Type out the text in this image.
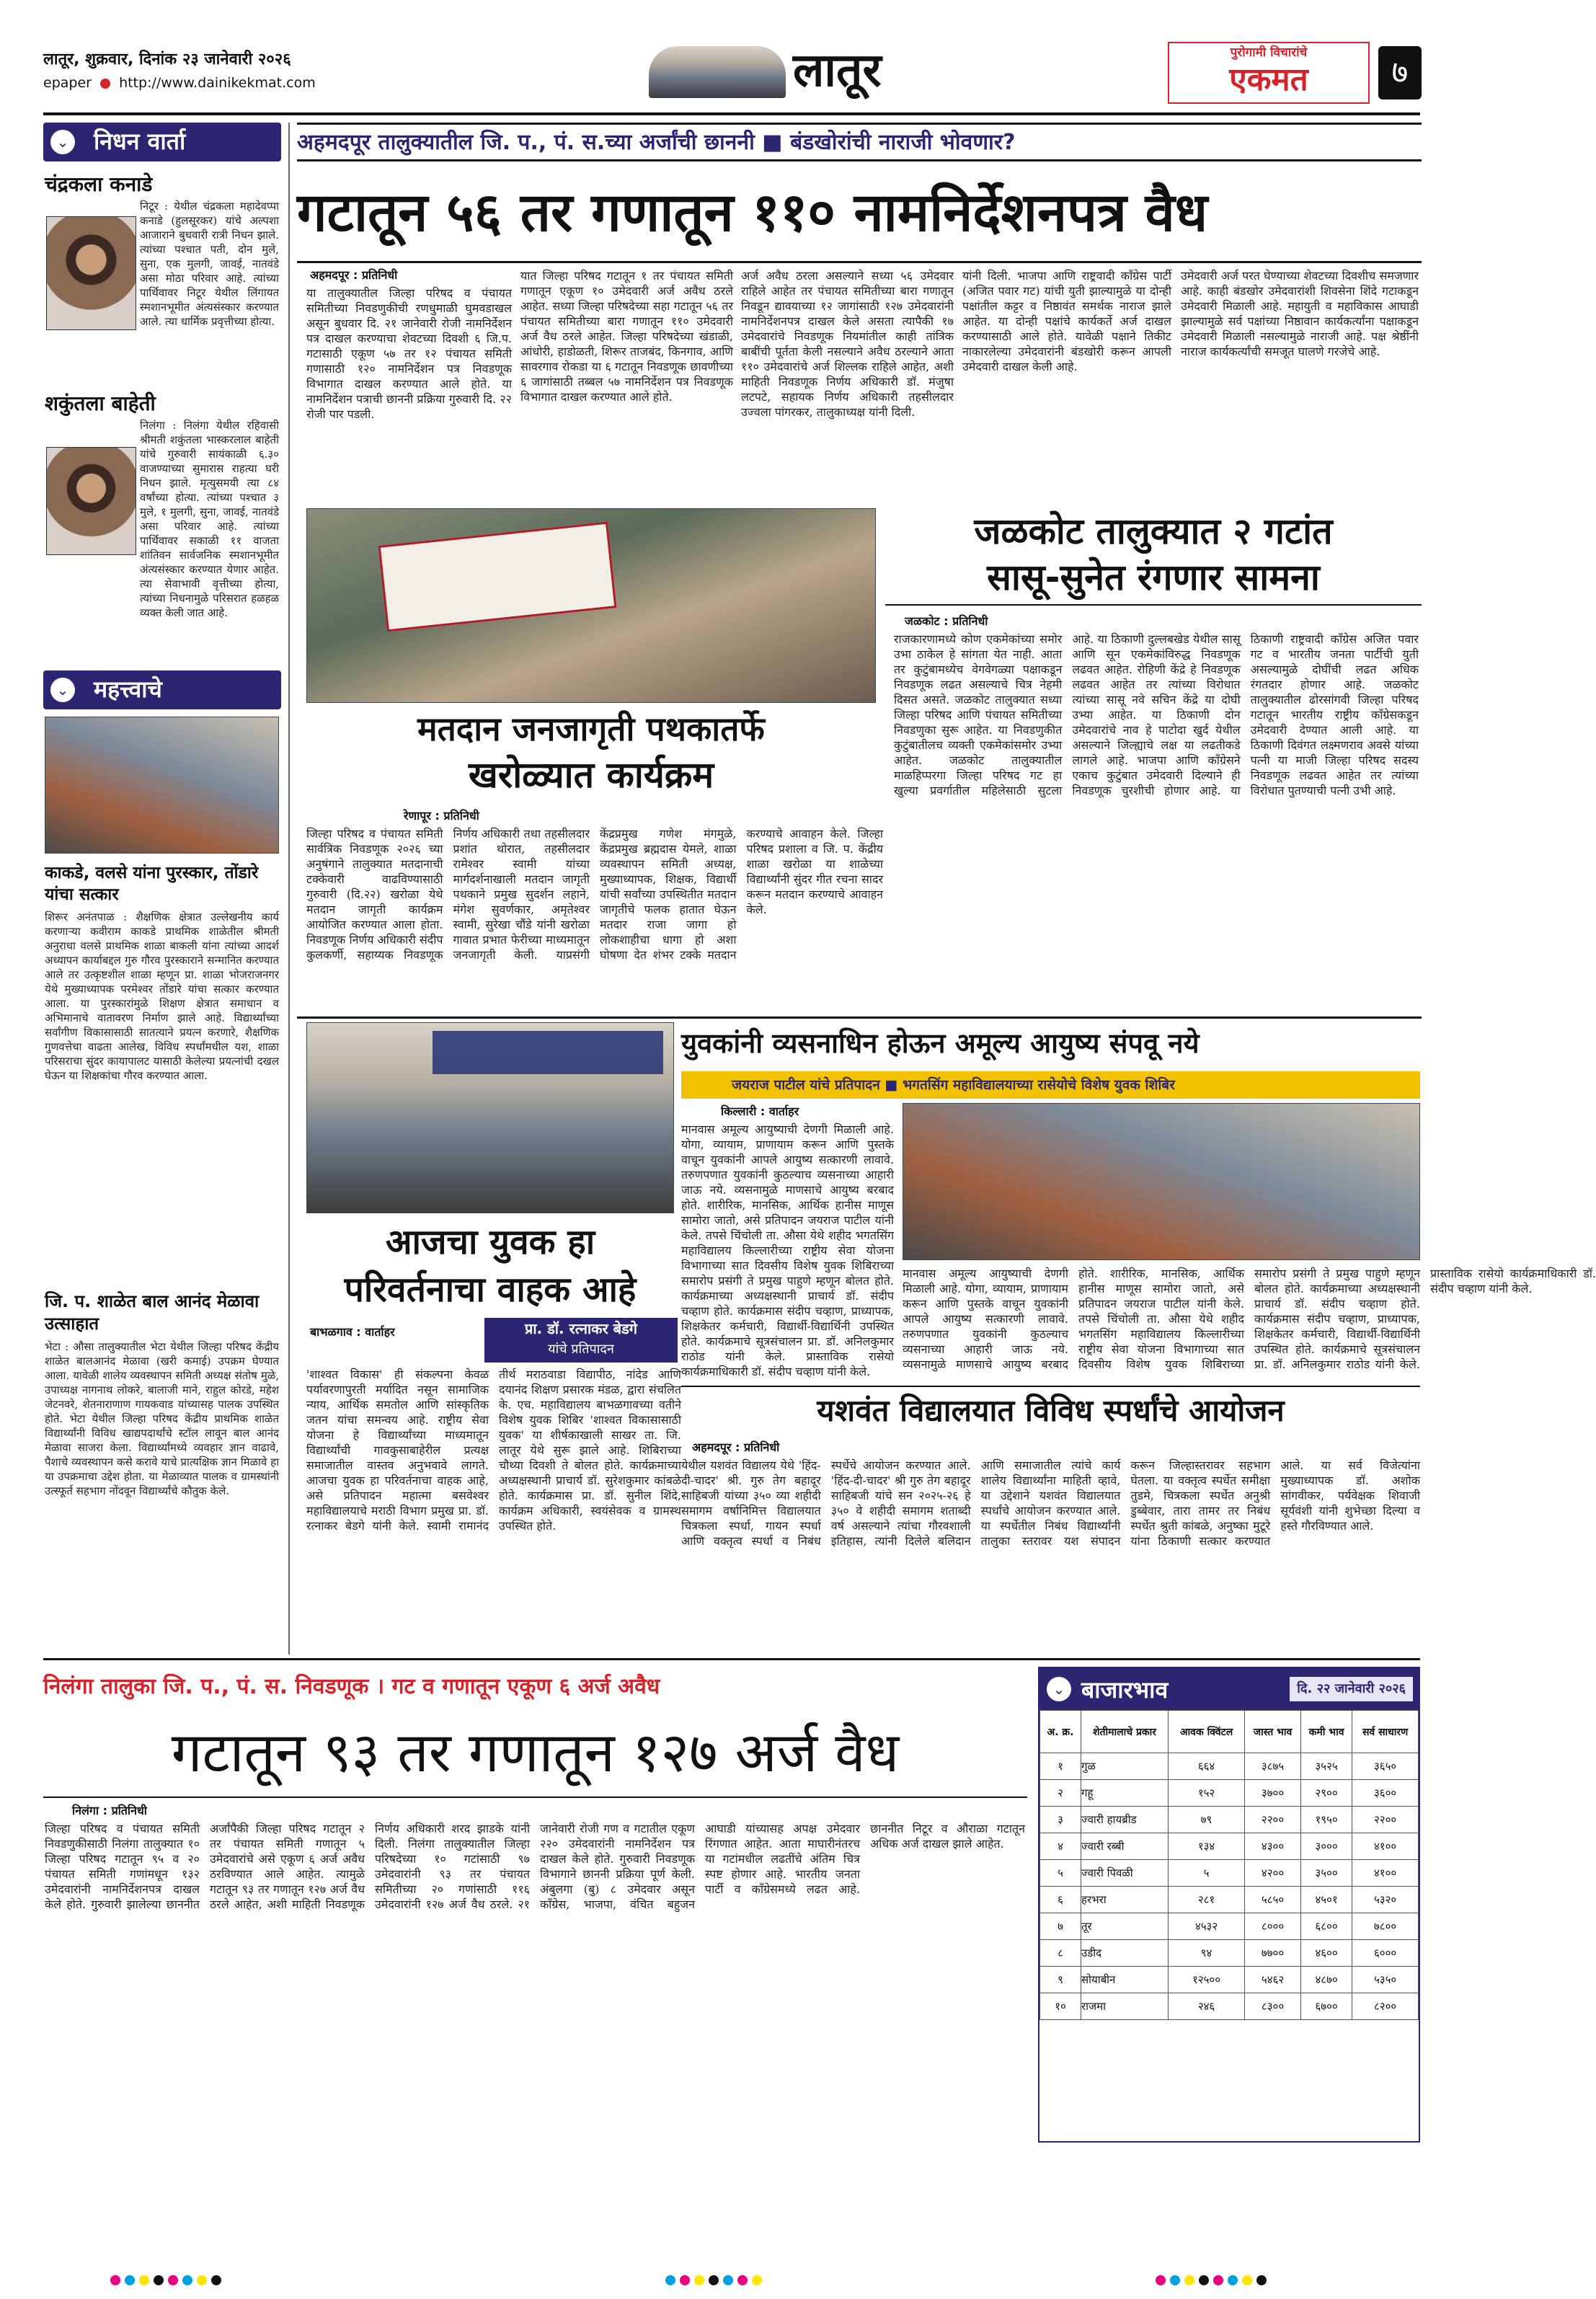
लातूर, शुक्रवार, दिनांक २३ जानेवारी २०२६
epaper http://www.dainikekmat.com	लातूर	पुरोगामी विचारांचे
एकमत	७
⌄ निधन वार्ता
चंद्रकला कनाडे
निटूर : येथील चंद्रकला महादेवप्पा कनाडे (हुलसूरकर) यांचे अल्पशा आजाराने बुधवारी रात्री निधन झाले. त्यांच्या पश्चात पती, दोन मुले, सुना, एक मुलगी, जावई, नातवंडे असा मोठा परिवार आहे. त्यांच्या पार्थिवावर निटूर येथील लिंगायत स्मशानभूमीत अंत्यसंस्कार करण्यात आले. त्या धार्मिक प्रवृत्तीच्या होत्या.
शकुंतला बाहेती
निलंगा : निलंगा येथील रहिवासी श्रीमती शकुंतला भास्करलाल बाहेती यांचे गुरुवारी सायंकाळी ६.३० वाजण्याच्या सुमारास राहत्या घरी निधन झाले. मृत्युसमयी त्या ८४ वर्षांच्या होत्या. त्यांच्या पश्चात ३ मुले, १ मुलगी, सुना, जावई, नातवंडे असा परिवार आहे. त्यांच्या पार्थिवावर सकाळी ११ वाजता शांतिवन सार्वजनिक स्मशानभूमीत अंत्यसंस्कार करण्यात येणार आहेत. त्या सेवाभावी वृत्तीच्या होत्या, त्यांच्या निधनामुळे परिसरात हळहळ व्यक्त केली जात आहे.
⌄ महत्त्वाचे
काकडे, वलसे यांना पुरस्कार, तोंडारे यांचा सत्कार
शिरूर अनंतपाळ : शैक्षणिक क्षेत्रात उल्लेखनीय कार्य करणाऱ्या कवीराम काकडे प्राथमिक शाळेतील श्रीमती अनुराधा वलसे प्राथमिक शाळा बाकली यांना त्यांच्या आदर्श अध्यापन कार्याबद्दल गुरु गौरव पुरस्काराने सन्मानित करण्यात आले तर उत्कृष्टशील शाळा म्हणून प्रा. शाळा भोजराजनगर येथे मुख्याध्यापक परमेश्वर तोंडारे यांचा सत्कार करण्यात आला. या पुरस्कारांमुळे शिक्षण क्षेत्रात समाधान व अभिमानाचे वातावरण निर्माण झाले आहे. विद्यार्थ्यांच्या सर्वांगीण विकासासाठी सातत्याने प्रयत्न करणारे, शैक्षणिक गुणवत्तेचा वाढता आलेख, विविध स्पर्धांमधील यश, शाळा परिसराचा सुंदर कायापालट यासाठी केलेल्या प्रयत्नांची दखल घेऊन या शिक्षकांचा गौरव करण्यात आला.
जि. प. शाळेत बाल आनंद मेळावा उत्साहात
भेटा : औसा तालुक्यातील भेटा येथील जिल्हा परिषद केंद्रीय शाळेत बालआनंद मेळावा (खरी कमाई) उपक्रम घेण्यात आला. यावेळी शालेय व्यवस्थापन समिती अध्यक्ष संतोष मुळे, उपाध्यक्ष नागनाथ लोकरे, बालाजी माने, राहुल कोरडे, महेश जेटनवरे, शेतनाराणाण गायकवाड यांच्यासह पालक उपस्थित होते. भेटा येथील जिल्हा परिषद केंद्रीय प्राथमिक शाळेत विद्यार्थ्यांनी विविध खाद्यपदार्थांचे स्टॉल लावून बाल आनंद मेळावा साजरा केला. विद्यार्थ्यांमध्ये व्यवहार ज्ञान वाढावे, पैशाचे व्यवस्थापन कसे करावे याचे प्रात्यक्षिक ज्ञान मिळावे हा या उपक्रमाचा उद्देश होता. या मेळाव्यात पालक व ग्रामस्थांनी उत्स्फूर्त सहभाग नोंदवून विद्यार्थ्यांचे कौतुक केले.
अहमदपूर तालुक्यातील जि. प., पं. स.च्या अर्जांची छाननी ■ बंडखोरांची नाराजी भोवणार?
गटातून ५६ तर गणातून ११० नामनिर्देशनपत्र वैध
अहमदपूर : प्रतिनिधी
या तालुक्यातील जिल्हा परिषद व पंचायत समितीच्या निवडणुकीची रणधुमाळी घुमवडाखल असून बुधवार दि. २१ जानेवारी रोजी नामनिर्देशन पत्र दाखल करण्याचा शेवटच्या दिवशी ६ जि.प. गटासाठी एकूण ५७ तर १२ पंचायत समिती गणासाठी १२० नामनिर्देशन पत्र निवडणूक विभागात दाखल करण्यात आले होते. या नामनिर्देशन पत्राची छाननी प्रक्रिया गुरुवारी दि. २२ रोजी पार पडली.
यात जिल्हा परिषद गटातून १ तर पंचायत समिती गणातून एकूण १० उमेदवारी अर्ज अवैध ठरले आहेत. सध्या जिल्हा परिषदेच्या सहा गटातून ५६ तर पंचायत समितीच्या बारा गणातून ११० उमेदवारी अर्ज वैध ठरले आहेत. जिल्हा परिषदेच्या खंडाळी, आंधोरी, हाडोळती, शिरूर ताजबंद, किनगाव, आणि सावरगाव रोकडा या ६ गटातून निवडणूक छावणीच्या ६ जागांसाठी तब्बल ५७ नामनिर्देशन पत्र निवडणूक विभागात दाखल करण्यात आले होते.
अर्ज अवैध ठरला असल्याने सध्या ५६ उमेदवार राहिले आहेत तर पंचायत समितीच्या बारा गणातून निवडून द्यावयाच्या १२ जागांसाठी १२७ उमेदवारांनी नामनिर्देशनपत्र दाखल केले असता त्यापैकी १७ उमेदवारांचे निवडणूक नियमांतील काही तांत्रिक बाबींची पूर्तता केली नसल्याने अवैध ठरल्याने आता ११० उमेदवारांचे अर्ज शिल्लक राहिले आहेत, अशी माहिती निवडणूक निर्णय अधिकारी डॉ. मंजुषा लटपटे, सहायक निर्णय अधिकारी तहसीलदार उज्वला पांगरकर, तालुकाध्यक्ष यांनी दिली.
यांनी दिली. भाजपा आणि राष्ट्रवादी काँग्रेस पार्टी (अजित पवार गट) यांची युती झाल्यामुळे या दोन्ही पक्षांतील कट्टर व निष्ठावंत समर्थक नाराज झाले आहेत. या दोन्ही पक्षांचे कार्यकर्ते अर्ज दाखल करण्यासाठी आले होते. यावेळी पक्षाने तिकीट नाकारलेल्या उमेदवारांनी बंडखोरी करून आपली उमेदवारी दाखल केली आहे.
उमेदवारी अर्ज परत घेण्याच्या शेवटच्या दिवशीच समजणार आहे. काही बंडखोर उमेदवारांशी शिवसेना शिंदे गटाकडून उमेदवारी मिळाली आहे. महायुती व महाविकास आघाडी झाल्यामुळे सर्व पक्षांच्या निष्ठावान कार्यकर्त्यांना पक्षाकडून उमेदवारी मिळाली नसल्यामुळे नाराजी आहे. पक्ष श्रेष्ठींनी नाराज कार्यकर्त्यांची समजूत घालणे गरजेचे आहे.
जळकोट तालुक्यात २ गटांत
सासू-सुनेत रंगणार सामना
जळकोट : प्रतिनिधी
राजकारणामध्ये कोण एकमेकांच्या समोर उभा ठाकेल हे सांगता येत नाही. आता तर कुटुंबामध्येच वेगवेगळ्या पक्षाकडून निवडणूक लढत असल्याचे चित्र नेहमी दिसत असते. जळकोट तालुक्यात सध्या जिल्हा परिषद आणि पंचायत समितीच्या निवडणुका सुरू आहेत. या निवडणुकीत कुटुंबातीलच व्यक्ती एकमेकांसमोर उभ्या आहेत. जळकोट तालुक्यातील माळहिप्परगा जिल्हा परिषद गट हा खुल्या प्रवर्गातील महिलेसाठी सुटला आहे. या ठिकाणी दुल्लबखेड येथील सासू आणि सून एकमेकांविरुद्ध निवडणूक लढवत आहेत. रोहिणी केंद्रे हे निवडणूक लढवत आहेत तर त्यांच्या विरोधात त्यांच्या सासू नवे सचिन केंद्रे या दोघी उभ्या आहेत. या ठिकाणी दोन उमेदवारांचे नाव हे पाटोदा खुर्द येथील असल्याने जिल्ह्याचे लक्ष या लढतीकडे लागले आहे. भाजपा आणि काँग्रेसने एकाच कुटुंबात उमेदवारी दिल्याने ही निवडणूक चुरशीची होणार आहे. या ठिकाणी राष्ट्रवादी काँग्रेस अजित पवार गट व भारतीय जनता पार्टीची युती असल्यामुळे दोघींची लढत अधिक रंगतदार होणार आहे. जळकोट तालुक्यातील ढोरसांगवी जिल्हा परिषद गटातून भारतीय राष्ट्रीय काँग्रेसकडून उमेदवारी देण्यात आली आहे. या ठिकाणी दिवंगत लक्ष्मणराव अवसे यांच्या पत्नी या माजी जिल्हा परिषद सदस्य निवडणूक लढवत आहेत तर त्यांच्या विरोधात पुतण्याची पत्नी उभी आहे.
मतदान जनजागृती पथकातर्फे
खरोळ्यात कार्यक्रम
रेणापूर : प्रतिनिधी
जिल्हा परिषद व पंचायत समिती सार्वत्रिक निवडणूक २०२६ च्या अनुषंगाने तालुक्यात मतदानाची टक्केवारी वाढविण्यासाठी गुरुवारी (दि.२२) खरोळा येथे मतदान जागृती कार्यक्रम आयोजित करण्यात आला होता. निवडणूक निर्णय अधिकारी संदीप कुलकर्णी, सहाय्यक निवडणूक निर्णय अधिकारी तथा तहसीलदार प्रशांत थोरात, तहसीलदार रामेश्वर स्वामी यांच्या मार्गदर्शनाखाली मतदान जागृती पथकाने प्रमुख सुदर्शन लहाने, मंगेश सुवर्णकार, अमृतेश्वर स्वामी, सुरेखा चौंडे यांनी खरोळा गावात प्रभात फेरीच्या माध्यमातून जनजागृती केली. याप्रसंगी केंद्रप्रमुख गणेश मंगमुळे, केंद्रप्रमुख ब्रह्मदास येमले, शाळा व्यवस्थापन समिती अध्यक्ष, मुख्याध्यापक, शिक्षक, विद्यार्थी यांची सर्वांच्या उपस्थितीत मतदान जागृतीचे फलक हातात घेऊन मतदार राजा जागा हो लोकशाहीचा धागा हो अशा घोषणा देत शंभर टक्के मतदान करण्याचे आवाहन केले. जिल्हा परिषद प्रशाला व जि. प. केंद्रीय शाळा खरोळा या शाळेच्या विद्यार्थ्यांनी सुंदर गीत रचना सादर करून मतदान करण्याचे आवाहन केले.
आजचा युवक हा
परिवर्तनाचा वाहक आहे
बाभळगाव : वार्ताहर	प्रा. डॉ. रत्नाकर बेडगे
यांचे प्रतिपादन
'शाश्वत विकास' ही संकल्पना केवळ पर्यावरणापुरती मर्यादित नसून सामाजिक न्याय, आर्थिक समतोल आणि सांस्कृतिक जतन यांचा समन्वय आहे. राष्ट्रीय सेवा योजना हे विद्यार्थ्यांच्या माध्यमातून विद्यार्थ्यांची गावकुसाबाहेरील प्रत्यक्ष समाजातील वास्तव अनुभवावे लागते. आजचा युवक हा परिवर्तनाचा वाहक आहे, असे प्रतिपादन महात्मा बसवेश्वर महाविद्यालयाचे मराठी विभाग प्रमुख प्रा. डॉ. रत्नाकर बेडगे यांनी केले. स्वामी रामानंद तीर्थ मराठवाडा विद्यापीठ, नांदेड आणि दयानंद शिक्षण प्रसारक मंडळ, द्वारा संचलित के. एच. महाविद्यालय बाभळगावच्या वतीने विशेष युवक शिबिर 'शाश्वत विकासासाठी युवक' या शीर्षकाखाली साखर ता. जि. लातूर येथे सुरू झाले आहे. शिबिराच्या चौथ्या दिवशी ते बोलत होते. कार्यक्रमाच्या अध्यक्षस्थानी प्राचार्य डॉ. सुरेशकुमार कांबळे होते. कार्यक्रमास प्रा. डॉ. सुनील शिंदे, कार्यक्रम अधिकारी, स्वयंसेवक व ग्रामस्थ उपस्थित होते.
युवकांनी व्यसनाधिन होऊन अमूल्य आयुष्य संपवू नये
जयराज पाटील यांचे प्रतिपादन ■ भगतसिंग महाविद्यालयाच्या रासेयोचे विशेष युवक शिबिर
किल्लारी : वार्ताहर
मानवास अमूल्य आयुष्याची देणगी मिळाली आहे. योगा, व्यायाम, प्राणायाम करून आणि पुस्तके वाचून युवकांनी आपले आयुष्य सत्कारणी लावावे. तरुणपणात युवकांनी कुठल्याच व्यसनाच्या आहारी जाऊ नये. व्यसनामुळे माणसाचे आयुष्य बरबाद होते. शारीरिक, मानसिक, आर्थिक हानीस माणूस सामोरा जातो, असे प्रतिपादन जयराज पाटील यांनी केले. तपसे चिंचोली ता. औसा येथे शहीद भगतसिंग महाविद्यालय किल्लारीच्या राष्ट्रीय सेवा योजना विभागाच्या सात दिवसीय विशेष युवक शिबिराच्या समारोप प्रसंगी ते प्रमुख पाहुणे म्हणून बोलत होते. कार्यक्रमाच्या अध्यक्षस्थानी प्राचार्य डॉ. संदीप चव्हाण होते. कार्यक्रमास संदीप चव्हाण, प्राध्यापक, शिक्षकेतर कर्मचारी, विद्यार्थी-विद्यार्थिनी उपस्थित होते. कार्यक्रमाचे सूत्रसंचालन प्रा. डॉ. अनिलकुमार राठोड यांनी केले. प्रास्ताविक रासेयो कार्यक्रमाधिकारी डॉ. संदीप चव्हाण यांनी केले.
मानवास अमूल्य आयुष्याची देणगी मिळाली आहे. योगा, व्यायाम, प्राणायाम करून आणि पुस्तके वाचून युवकांनी आपले आयुष्य सत्कारणी लावावे. तरुणपणात युवकांनी कुठल्याच व्यसनाच्या आहारी जाऊ नये. व्यसनामुळे माणसाचे आयुष्य बरबाद होते. शारीरिक, मानसिक, आर्थिक हानीस माणूस सामोरा जातो, असे प्रतिपादन जयराज पाटील यांनी केले. तपसे चिंचोली ता. औसा येथे शहीद भगतसिंग महाविद्यालय किल्लारीच्या राष्ट्रीय सेवा योजना विभागाच्या सात दिवसीय विशेष युवक शिबिराच्या समारोप प्रसंगी ते प्रमुख पाहुणे म्हणून बोलत होते. कार्यक्रमाच्या अध्यक्षस्थानी प्राचार्य डॉ. संदीप चव्हाण होते. कार्यक्रमास संदीप चव्हाण, प्राध्यापक, शिक्षकेतर कर्मचारी, विद्यार्थी-विद्यार्थिनी उपस्थित होते. कार्यक्रमाचे सूत्रसंचालन प्रा. डॉ. अनिलकुमार राठोड यांनी केले. प्रास्ताविक रासेयो कार्यक्रमाधिकारी डॉ. संदीप चव्हाण यांनी केले.
यशवंत विद्यालयात विविध स्पर्धांचे आयोजन
अहमदपूर : प्रतिनिधी
येथील यशवंत विद्यालय येथे 'हिंद-दी-चादर' श्री. गुरु तेग बहादूर साहिबजी यांच्या ३५० व्या शहीदी समागम वर्षानिमित्त विद्यालयात चित्रकला स्पर्धा, गायन स्पर्धा आणि वक्तृत्व स्पर्धा व निबंध स्पर्धेचे आयोजन करण्यात आले. 'हिंद-दी-चादर' श्री गुरु तेग बहादूर साहिबजी यांचे सन २०२५-२६ हे ३५० वे शहीदी समागम शताब्दी वर्ष असल्याने त्यांचा गौरवशाली इतिहास, त्यांनी दिलेले बलिदान आणि समाजातील त्यांचे कार्य शालेय विद्यार्थ्यांना माहिती व्हावे, या उद्देशाने यशवंत विद्यालयात स्पर्धांचे आयोजन करण्यात आले. या स्पर्धेतील निबंध विद्यार्थ्यांनी तालुका स्तरावर यश संपादन करून जिल्हास्तरावर सहभाग घेतला. या वक्तृत्व स्पर्धेत समीक्षा तुडमे, चित्रकला स्पर्धेत अनुश्री डुब्बेवार, तारा तामर तर निबंध स्पर्धेत श्रुती कांबळे, अनुष्का मुटूरे यांना ठिकाणी सत्कार करण्यात आले. या सर्व विजेत्यांना मुख्याध्यापक डॉ. अशोक सांगवीकर, पर्यवेक्षक शिवाजी सूर्यवंशी यांनी शुभेच्छा दिल्या व हस्ते गौरविण्यात आले.
निलंगा तालुका जि. प., पं. स. निवडणूक । गट व गणातून एकूण ६ अर्ज अवैध
गटातून ९३ तर गणातून १२७ अर्ज वैध
निलंगा : प्रतिनिधी
जिल्हा परिषद व पंचायत समिती निवडणुकीसाठी निलंगा तालुक्यात १० जिल्हा परिषद गटातून ९५ व २० पंचायत समिती गणांमधून १३२ उमेदवारांनी नामनिर्देशनपत्र दाखल केले होते. गुरुवारी झालेल्या छाननीत अर्जांपैकी जिल्हा परिषद गटातून २ तर पंचायत समिती गणातून ५ उमेदवारांचे असे एकूण ६ अर्ज अवैध ठरविण्यात आले आहेत. त्यामुळे गटातून ९३ तर गणातून १२७ अर्ज वैध ठरले आहेत, अशी माहिती निवडणूक निर्णय अधिकारी शरद झाडके यांनी दिली. निलंगा तालुक्यातील जिल्हा परिषदेच्या १० गटांसाठी ९७ उमेदवारांनी ९३ तर पंचायत समितीच्या २० गणांसाठी ११६ उमेदवारांनी १२७ अर्ज वैध ठरले. २१ जानेवारी रोजी गण व गटातील एकूण २२० उमेदवारांनी नामनिर्देशन पत्र दाखल केले होते. गुरुवारी निवडणूक विभागाने छाननी प्रक्रिया पूर्ण केली. अंबुलगा (बु) ८ उमेदवार असून काँग्रेस, भाजपा, वंचित बहुजन आघाडी यांच्यासह अपक्ष उमेदवार रिंगणात आहेत. आता माघारीनंतरच या गटांमधील लढतींचे अंतिम चित्र स्पष्ट होणार आहे. भारतीय जनता पार्टी व काँग्रेसमध्ये लढत आहे. छाननीत निटूर व औराळा गटातून अधिक अर्ज दाखल झाले आहेत.
⌄ बाजारभाव	दि. २२ जानेवारी २०२६
अ. क्र.	शेतीमालाचे प्रकार	आवक क्विंटल	जास्त भाव	कमी भाव	सर्व साधारण
१	गुळ	६६४	३८७५	३५२५	३६५०
२	गहू	१५२	३७००	२९००	३६००
३	ज्वारी हायब्रीड	७९	२२००	१९५०	२२००
४	ज्वारी रब्बी	१३४	४३००	३०००	४१००
५	ज्वारी पिवळी	५	४२००	३५००	४१००
६	हरभरा	२८१	५८५०	४५०१	५३२०
७	तूर	४५३२	८०००	६८००	७८००
८	उडीद	९४	७७००	४६००	६०००
९	सोयाबीन	१२५००	५४६२	४८७०	५३५०
१०	राजमा	२४६	८३००	६७००	८२००
